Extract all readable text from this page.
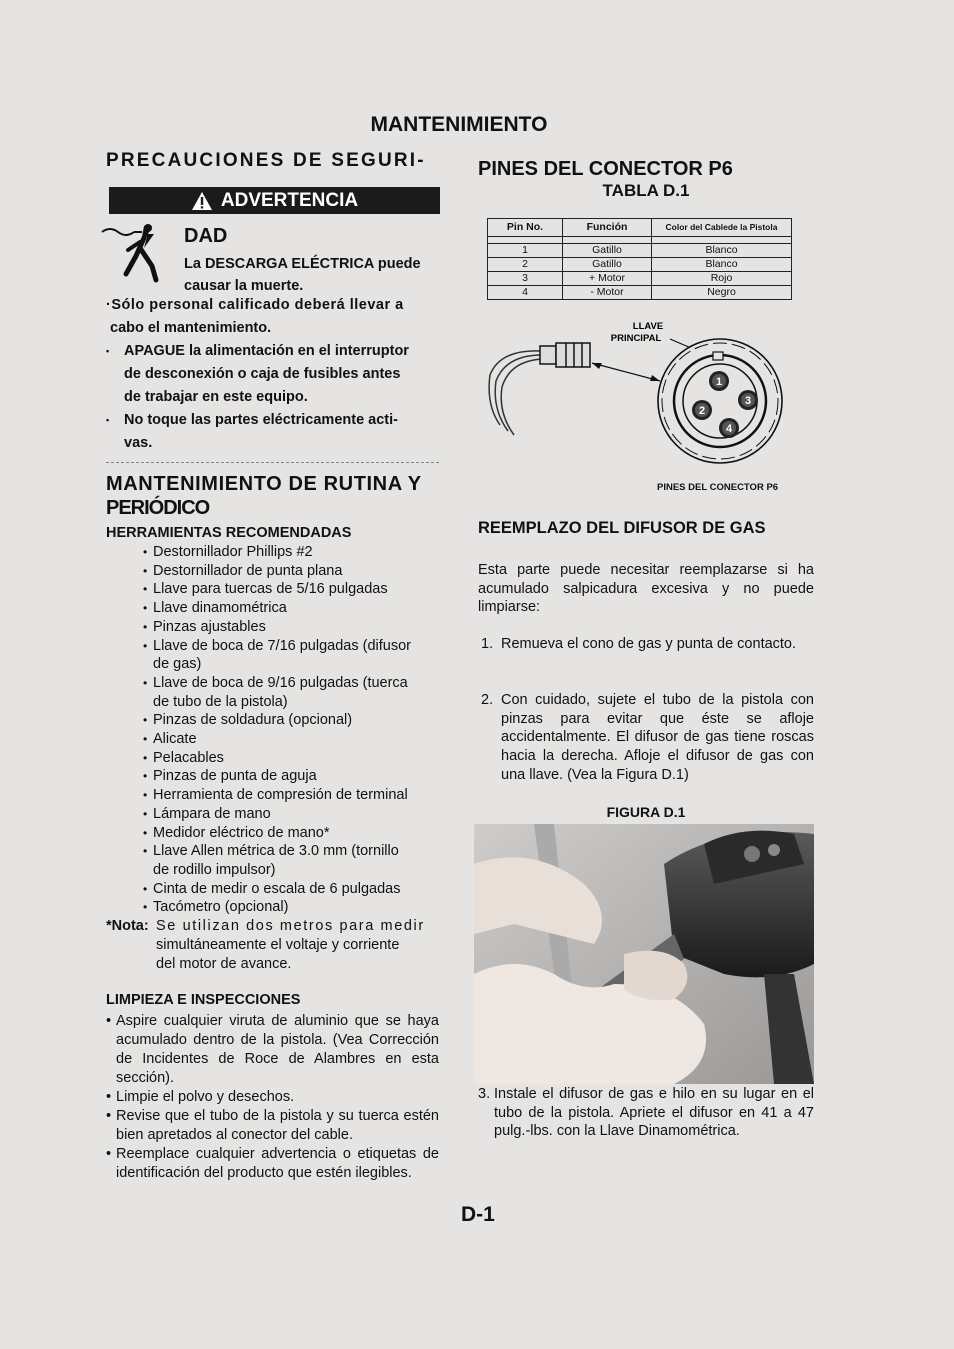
MANTENIMIENTO
PRECAUCIONES DE SEGURI-
ADVERTENCIA
DAD
La DESCARGA ELÉCTRICA puede
causar la muerte.
·Sólo personal calificado deberá llevar a
cabo el mantenimiento.
• APAGUE la alimentación en el interruptor
de desconexión o caja de fusibles antes
de trabajar en este equipo.
• No toque las partes eléctricamente acti-
vas.
MANTENIMIENTO DE RUTINA Y
PERIÓDICO
HERRAMIENTAS RECOMENDADAS
• Destornillador Phillips #2
• Destornillador de punta plana
• Llave para tuercas de 5/16 pulgadas
• Llave dinamométrica
• Pinzas ajustables
• Llave de boca de 7/16 pulgadas (difusor
de gas)
• Llave de boca de 9/16 pulgadas (tuerca
de tubo de la pistola)
• Pinzas de soldadura (opcional)
• Alicate
• Pelacables
• Pinzas de punta de aguja
• Herramienta de compresión de terminal
• Lámpara de mano
• Medidor eléctrico de mano*
• Llave Allen métrica de 3.0 mm (tornillo
de rodillo impulsor)
• Cinta de medir o escala de 6 pulgadas
• Tacómetro (opcional)
*Nota: Se utilizan dos metros para medir
simultáneamente el voltaje y corriente
del motor de avance.
LIMPIEZA E INSPECCIONES
• Aspire cualquier viruta de aluminio que se haya acumulado dentro de la pistola. (Vea Corrección de Incidentes de Roce de Alambres en esta sección).
• Limpie el polvo y desechos.
• Revise que el tubo de la pistola y su tuerca estén bien apretados al conector del cable.
• Reemplace cualquier advertencia o etiquetas de identificación del producto que estén ilegibles.
PINES DEL CONECTOR P6
TABLA D.1
Pin No.	Función	Color del Cablede la Pistola

1	Gatillo	Blanco
2	Gatillo	Blanco
3	+ Motor	Rojo
4	- Motor	Negro
1
2
3
4
LLAVE
PRINCIPAL
PINES DEL CONECTOR P6
REEMPLAZO DEL DIFUSOR DE GAS
Esta parte puede necesitar reemplazarse si ha acumulado salpicadura excesiva y no puede limpiarse:
1. Remueva el cono de gas y punta de contacto.
2. Con cuidado, sujete el tubo de la pistola con pinzas para evitar que éste se afloje accidentalmente. El difusor de gas tiene roscas hacia la derecha. Afloje el difusor de gas con una llave. (Vea la Figura D.1)
FIGURA D.1
3. Instale el difusor de gas e hilo en su lugar en el tubo de la pistola. Apriete el difusor en 41 a 47 pulg.-lbs. con la Llave Dinamométrica.
D-1
